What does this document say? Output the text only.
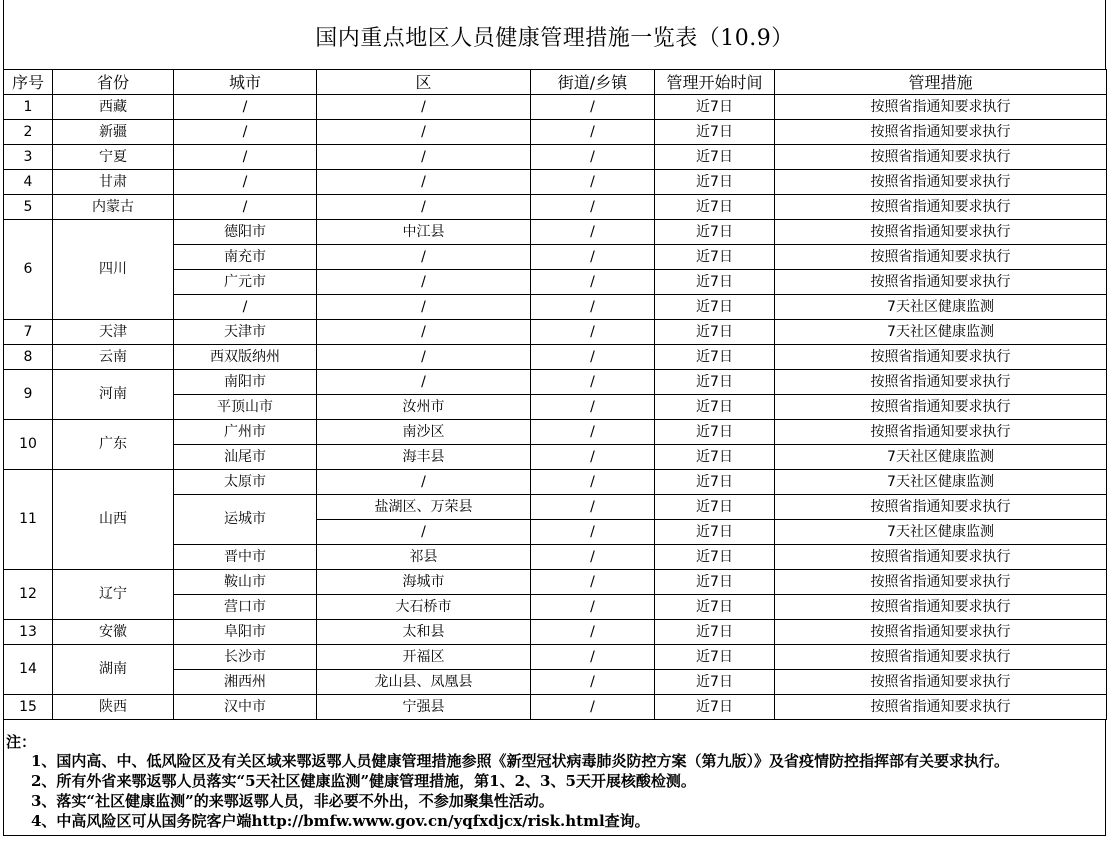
国内重点地区人员健康管理措施一览表（10.9）
序号	省份	城市	区	街道/乡镇	管理开始时间	管理措施
1	西藏	/	/	/	近7日	按照省指通知要求执行
2	新疆	/	/	/	近7日	按照省指通知要求执行
3	宁夏	/	/	/	近7日	按照省指通知要求执行
4	甘肃	/	/	/	近7日	按照省指通知要求执行
5	内蒙古	/	/	/	近7日	按照省指通知要求执行
6	四川	德阳市	中江县	/	近7日	按照省指通知要求执行
		南充市	/	/	近7日	按照省指通知要求执行
		广元市	/	/	近7日	按照省指通知要求执行
		/	/	/	近7日	7天社区健康监测
7	天津	天津市	/	/	近7日	7天社区健康监测
8	云南	西双版纳州	/	/	近7日	按照省指通知要求执行
9	河南	南阳市	/	/	近7日	按照省指通知要求执行
		平顶山市	汝州市	/	近7日	按照省指通知要求执行
10	广东	广州市	南沙区	/	近7日	按照省指通知要求执行
		汕尾市	海丰县	/	近7日	7天社区健康监测
11	山西	太原市	/	/	近7日	7天社区健康监测
		运城市	盐湖区、万荣县	/	近7日	按照省指通知要求执行
			/	/	近7日	7天社区健康监测
		晋中市	祁县	/	近7日	按照省指通知要求执行
12	辽宁	鞍山市	海城市	/	近7日	按照省指通知要求执行
		营口市	大石桥市	/	近7日	按照省指通知要求执行
13	安徽	阜阳市	太和县	/	近7日	按照省指通知要求执行
14	湖南	长沙市	开福区	/	近7日	按照省指通知要求执行
		湘西州	龙山县、凤凰县	/	近7日	按照省指通知要求执行
15	陕西	汉中市	宁强县	/	近7日	按照省指通知要求执行
注：
1、国内高、中、低风险区及有关区域来鄂返鄂人员健康管理措施参照《新型冠状病毒肺炎防控方案（第九版）》及省疫情防控指挥部有关要求执行。
2、所有外省来鄂返鄂人员落实“5天社区健康监测”健康管理措施，第1、2、3、5天开展核酸检测。
3、落实“社区健康监测”的来鄂返鄂人员，非必要不外出，不参加聚集性活动。
4、中高风险区可从国务院客户端http://bmfw.www.gov.cn/yqfxdjcx/risk.html查询。
